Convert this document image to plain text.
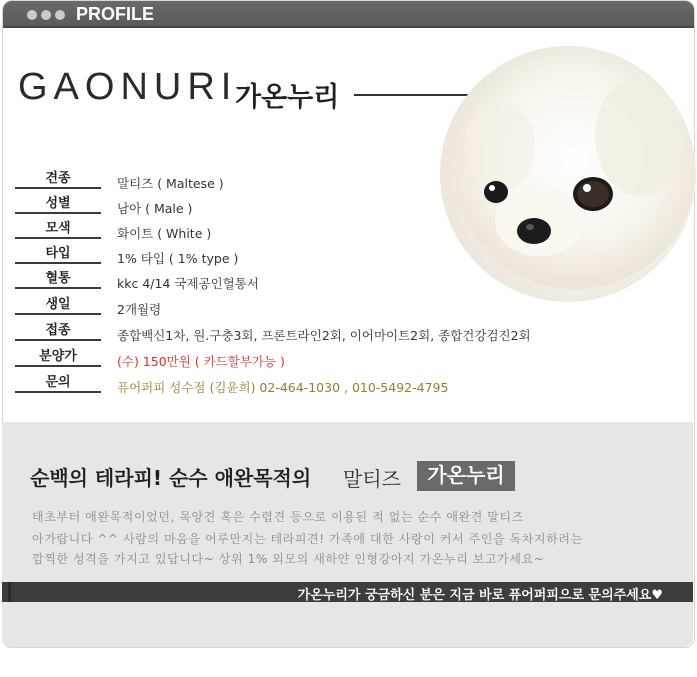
PROFILE
GAONURI
가온누리
견종	말티즈 ( Maltese )
성별	남아 ( Male )
모색	화이트 ( White )
타입	1% 타입 ( 1% type )
혈통	kkc 4/14 국제공인혈통서
생일	2개월령
접종	종합백신1차, 원.구충3회, 프론트라인2회, 이어마이트2회, 종합건강검진2회
분양가	(수) 150만원 ( 카드할부가능 )
문의	퓨어퍼피 성수점 (김윤희) 02-464-1030 , 010-5492-4795
순백의 테라피! 순수 애완목적의 말티즈	가온누리
태초부터 애완목적이었던, 목양견 혹은 수렵견 등으로 이용된 적 없는 순수 애완견 말티즈
아가랍니다 ^^ 사람의 마음을 어루만지는 테라피견! 가족에 대한 사랑이 커서 주인을 독차지하려는
깜찍한 성격을 가지고 있답니다~ 상위 1% 외모의 새하얀 인형강아지 가온누리 보고가세요~
가온누리가 궁금하신 분은 지금 바로 퓨어퍼피으로 문의주세요♥
